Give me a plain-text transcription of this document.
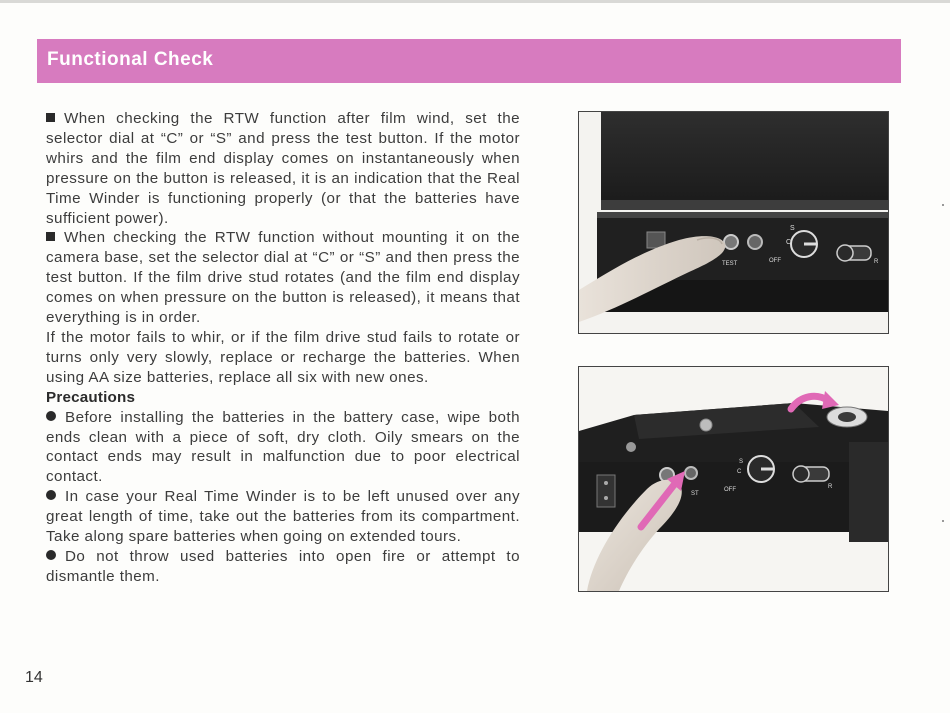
Functional Check

When checking the RTW function after film wind, set the selector dial at “C” or “S” and press the test button. If the motor whirs and the film end display comes on instantaneously when pressure on the button is released, it is an indication that the Real Time Winder is functioning properly (or that the batteries have sufficient power).

When checking the RTW function without mounting it on the camera base, set the selector dial at “C” or “S” and then press the test button. If the film drive stud rotates (and the film end display comes on when pressure on the button is released), it means that everything is in order.

If the motor fails to whir, or if the film drive stud fails to rotate or turns only very slowly, replace or recharge the batteries. When using AA size batteries, replace all six with new ones.

Precautions

Before installing the batteries in the battery case, wipe both ends clean with a piece of soft, dry cloth. Oily smears on the contact ends may result in malfunction due to poor electrical contact.

In case your Real Time Winder is to be left unused over any great length of time, take out the batteries from its compartment. Take along spare batteries when going on extended tours.

Do not throw used batteries into open fire or attempt to dismantle them.

S
C
OFF
TEST	R
S
C
OFF
ST
R
14
